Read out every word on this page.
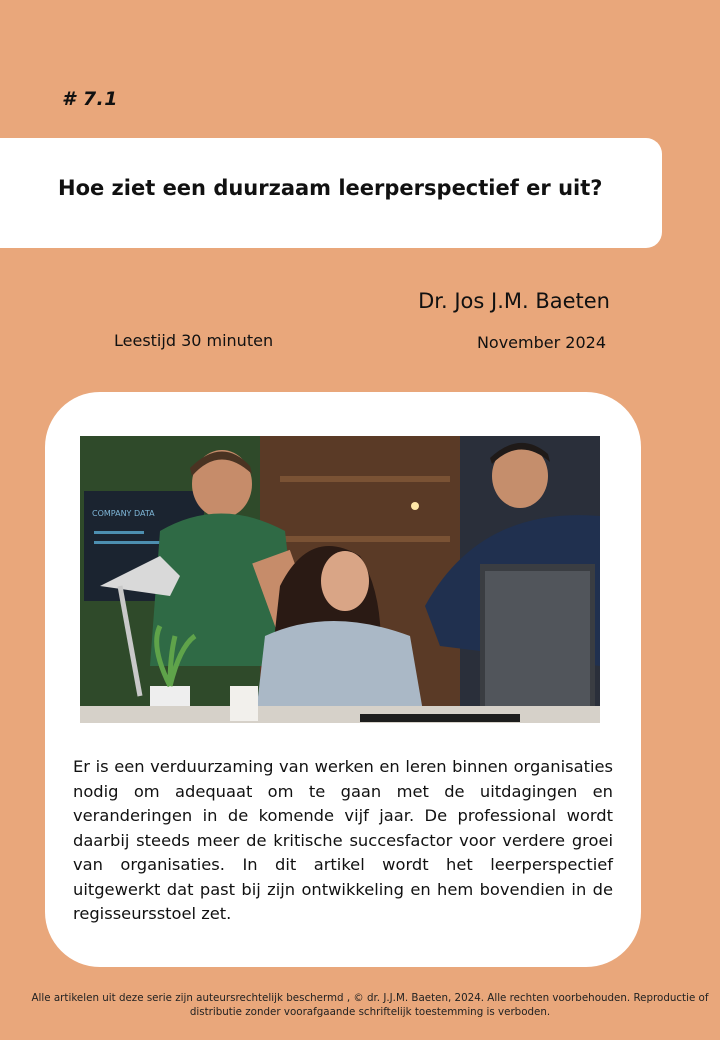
# 7.1
Hoe ziet een duurzaam leerperspectief er uit?
Dr. Jos J.M. Baeten
Leestijd 30 minuten	November 2024
COMPANY DATA
Er is een verduurzaming van werken en leren binnen organisaties nodig om adequaat om te gaan met de uitdagingen en veranderingen in de komende vijf jaar. De professional wordt daarbij steeds meer de kritische succesfactor voor verdere groei van organisaties. In dit artikel wordt het leerperspectief uitgewerkt dat past bij zijn ontwikkeling en hem bovendien in de regisseursstoel zet.
Alle artikelen uit deze serie zijn auteursrechtelijk beschermd , © dr. J.J.M. Baeten, 2024. Alle rechten voorbehouden. Reproductie of distributie zonder voorafgaande schriftelijk toestemming is verboden.
